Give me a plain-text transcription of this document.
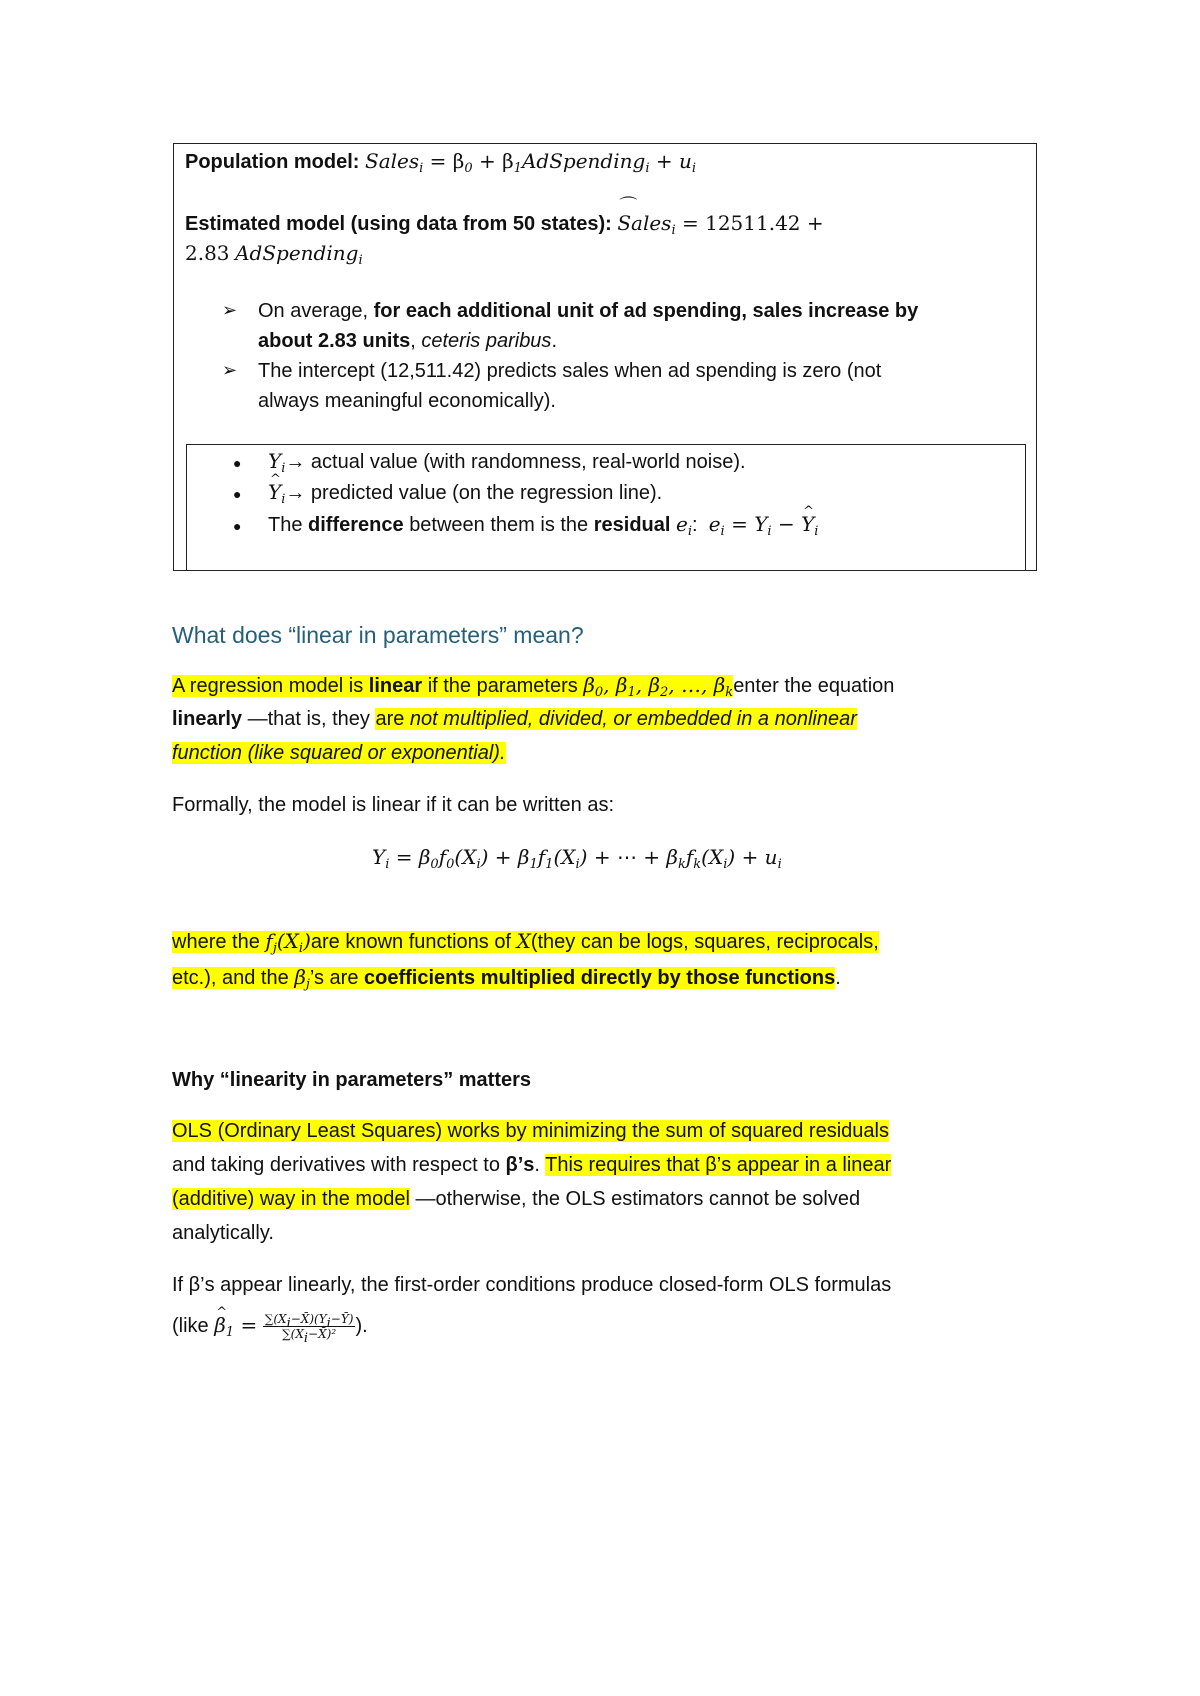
Population model: Sales$_i$ = $\beta_0$ + $\beta_1AdSpending_i + u_i$
Estimated model (using data from 50 states): ⌒ Sales$_i$ = 12511.42 +
2.83 AdSpending$_i$
➢ On average, for each additional unit of ad spending, sales increase by
about 2.83 units, ceteris paribus.
➢ The intercept (12,511.42) predicts sales when ad spending is zero (not
always meaningful economically).
● $Y_i\to$ actual value (with randomness, real-world noise).
● ^ $Y_i\to$ predicted value (on the regression line).
● The difference between them is the residual $e_i$:  $e_i = Y_i$ − ^ $Y_i$
What does “linear in parameters” mean?
A regression model is linear if the parameters $\beta_0$, $\beta_1$, $\beta_2$, …, $\beta_kenter$ the equation
linearly —that is, they are not multiplied, divided, or embedded in a nonlinear
function (like squared or exponential).
Formally, the model is linear if it can be written as:
$Y_i = \beta_0f_0(X_i) + \beta_1f_1(X_i)$ + ⋯ + $\beta_kf_k(X_i) + u_i$
where the $f_j(X_i)are$ known functions of X(they can be logs, squares, reciprocals,
etc.), and the $\beta_j’s$ are coefficients multiplied directly by those functions.
Why “linearity in parameters” matters
OLS (Ordinary Least Squares) works by minimizing the sum of squared residuals
and taking derivatives with respect to β’s. This requires that β’s appear in a linear
(additive) way in the model —otherwise, the OLS estimators cannot be solved
analytically.
If β’s appear linearly, the first-order conditions produce closed-form OLS formulas
(like ^ $\beta_1 = \frac{\sum(X_i-X̄)(Y_i-Ȳ)}{\sum(X_i-X̄)^2}$ ).
